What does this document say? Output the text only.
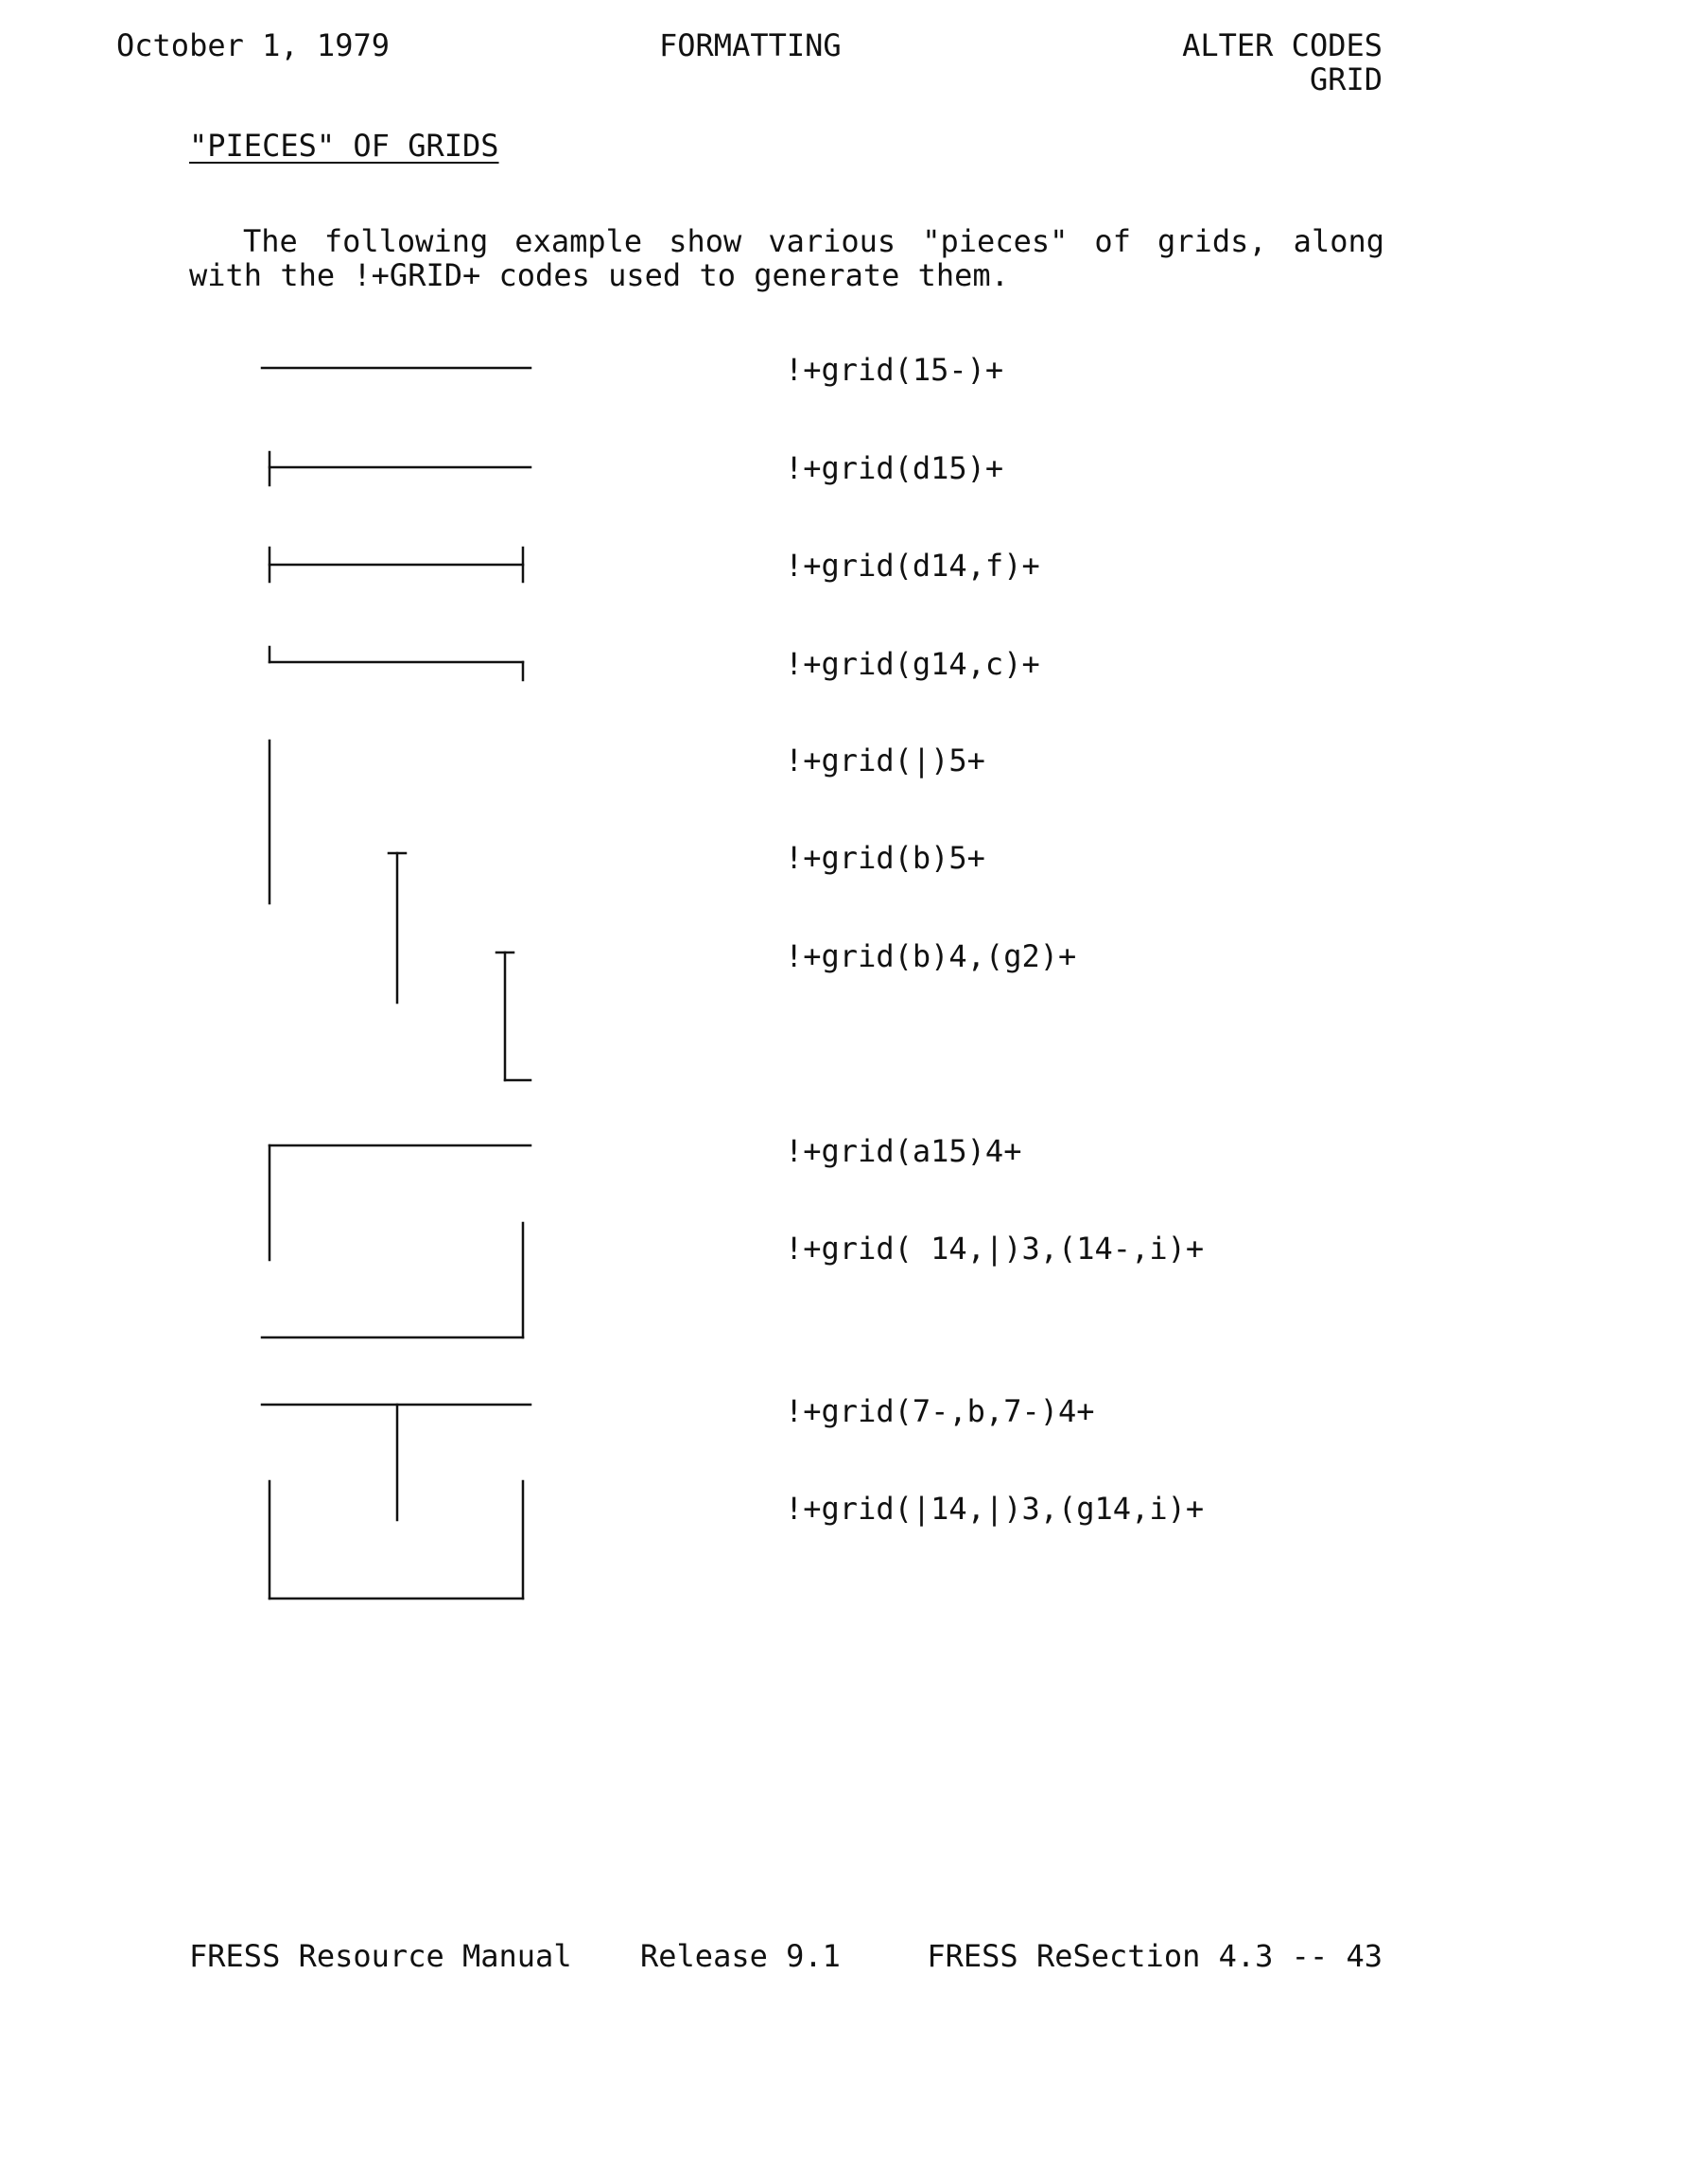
October 1, 1979	FORMATTING	ALTER CODES
GRID
"PIECES" OF GRIDS
The following example show various "pieces" of grids, along
with the !+GRID+ codes used to generate them.
!+grid(15-)+
!+grid(d15)+
!+grid(d14,f)+
!+grid(g14,c)+
!+grid(|)5+
!+grid(b)5+
!+grid(b)4,(g2)+
!+grid(a15)4+
!+grid( 14,|)3,(14-,i)+
!+grid(7-,b,7-)4+
!+grid(|14,|)3,(g14,i)+
FRESS Resource Manual Release 9.1	FRESS ReSection 4.3 -- 43
